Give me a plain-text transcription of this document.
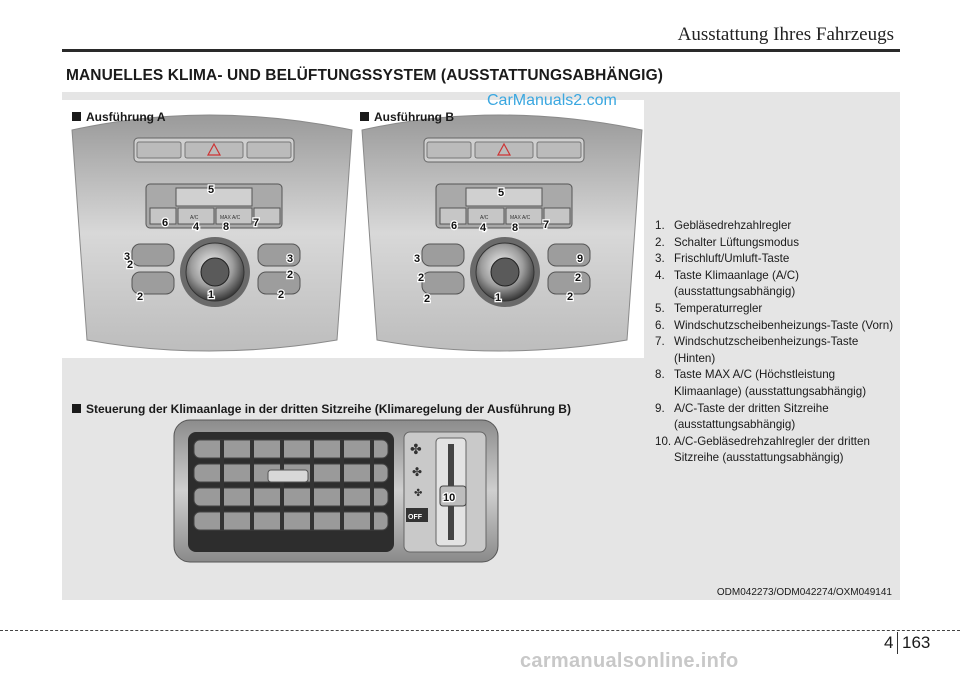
Ausstattung Ihres Fahrzeugs
MANUELLES KLIMA- UND BELÜFTUNGSSYSTEM (AUSSTATTUNGSABHÄNGIG)
A/C	MAX A/C	A/C	MAX A/C
5
6 4 8 7
3	3
2
2
2	2
1
5
6 4 8 7
3	9
2	2
2	2
1
Ausführung A	Ausführung B
CarManuals2.com
Steuerung der Klimaanlage in der dritten Sitzreihe (Klimaregelung der Ausführung B)
✤
✤
✤
OFF
10
1. Gebläsedrehzahlregler
2. Schalter Lüftungsmodus
3. Frischluft/Umluft-Taste
4. Taste Klimaanlage (A/C) (ausstattungsabhängig)
5. Temperaturregler
6. Windschutzscheibenheizungs-Taste (Vorn)
7. Windschutzscheibenheizungs-Taste (Hinten)
8. Taste MAX A/C (Höchstleistung Klimaanlage) (ausstattungsabhängig)
9. A/C-Taste der dritten Sitzreihe (ausstattungsabhängig)
10. A/C-Gebläsedrehzahlregler der dritten Sitzreihe (ausstattungsabhängig)
ODM042273/ODM042274/OXM049141
4 163
carmanualsonline.info
